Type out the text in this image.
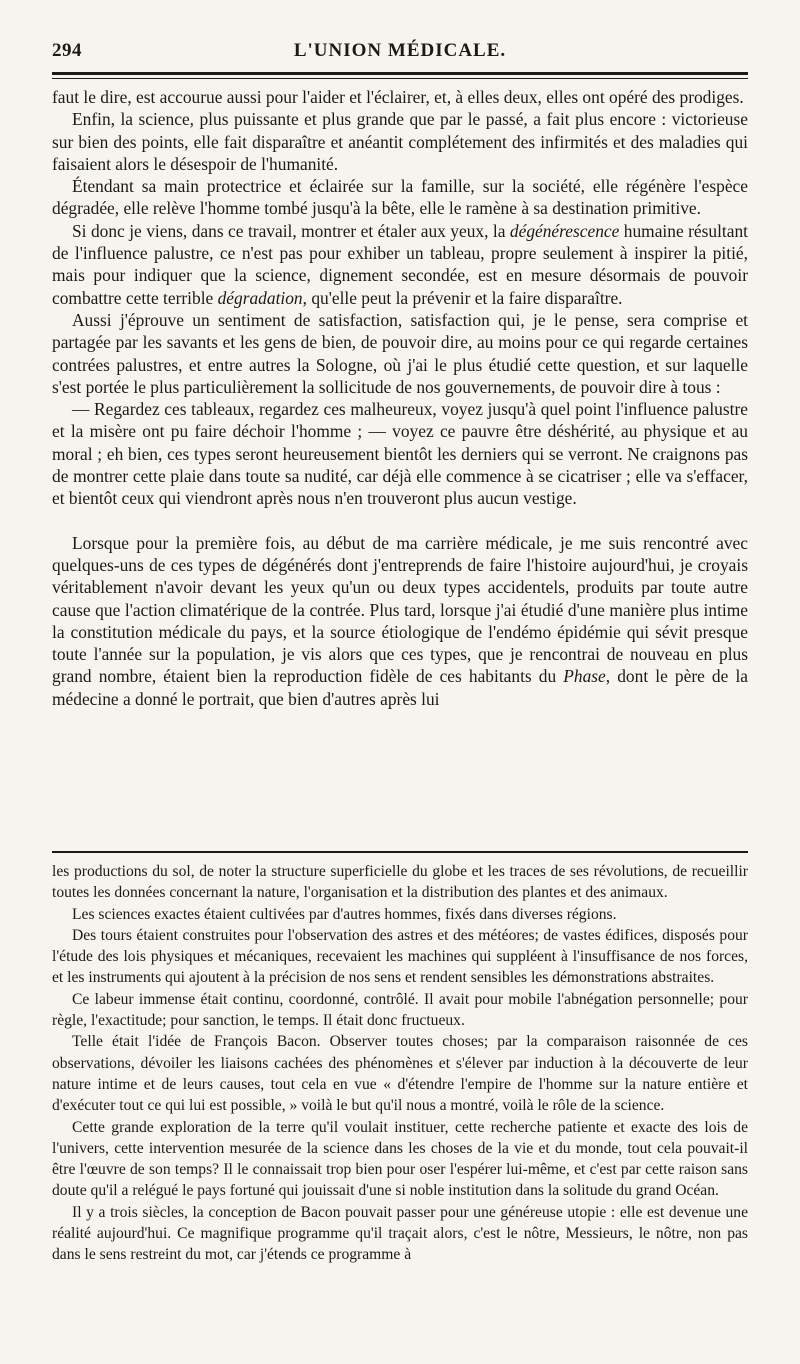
294	L'UNION MÉDICALE.

faut le dire, est accourue aussi pour l'aider et l'éclairer, et, à elles deux, elles ont opéré des prodiges.

Enfin, la science, plus puissante et plus grande que par le passé, a fait plus encore : victorieuse sur bien des points, elle fait disparaître et anéantit complétement des infirmités et des maladies qui faisaient alors le désespoir de l'humanité.

Étendant sa main protectrice et éclairée sur la famille, sur la société, elle régénère l'espèce dégradée, elle relève l'homme tombé jusqu'à la bête, elle le ramène à sa destination primitive.

Si donc je viens, dans ce travail, montrer et étaler aux yeux, la dégénérescence humaine résultant de l'influence palustre, ce n'est pas pour exhiber un tableau, propre seulement à inspirer la pitié, mais pour indiquer que la science, dignement secondée, est en mesure désormais de pouvoir combattre cette terrible dégradation, qu'elle peut la prévenir et la faire disparaître.

Aussi j'éprouve un sentiment de satisfaction, satisfaction qui, je le pense, sera comprise et partagée par les savants et les gens de bien, de pouvoir dire, au moins pour ce qui regarde certaines contrées palustres, et entre autres la Sologne, où j'ai le plus étudié cette question, et sur laquelle s'est portée le plus particulièrement la sollicitude de nos gouvernements, de pouvoir dire à tous :

— Regardez ces tableaux, regardez ces malheureux, voyez jusqu'à quel point l'influence palustre et la misère ont pu faire déchoir l'homme ; — voyez ce pauvre être déshérité, au physique et au moral ; eh bien, ces types seront heureusement bientôt les derniers qui se verront. Ne craignons pas de montrer cette plaie dans toute sa nudité, car déjà elle commence à se cicatriser ; elle va s'effacer, et bientôt ceux qui viendront après nous n'en trouveront plus aucun vestige.

Lorsque pour la première fois, au début de ma carrière médicale, je me suis rencontré avec quelques-uns de ces types de dégénérés dont j'entreprends de faire l'histoire aujourd'hui, je croyais véritablement n'avoir devant les yeux qu'un ou deux types accidentels, produits par toute autre cause que l'action climatérique de la contrée. Plus tard, lorsque j'ai étudié d'une manière plus intime la constitution médicale du pays, et la source étiologique de l'endémo épidémie qui sévit presque toute l'année sur la population, je vis alors que ces types, que je rencontrai de nouveau en plus grand nombre, étaient bien la reproduction fidèle de ces habitants du Phase, dont le père de la médecine a donné le portrait, que bien d'autres après lui

les productions du sol, de noter la structure superficielle du globe et les traces de ses révolutions, de recueillir toutes les données concernant la nature, l'organisation et la distribution des plantes et des animaux.

Les sciences exactes étaient cultivées par d'autres hommes, fixés dans diverses régions.

Des tours étaient construites pour l'observation des astres et des météores; de vastes édifices, disposés pour l'étude des lois physiques et mécaniques, recevaient les machines qui suppléent à l'insuffisance de nos forces, et les instruments qui ajoutent à la précision de nos sens et rendent sensibles les démonstrations abstraites.

Ce labeur immense était continu, coordonné, contrôlé. Il avait pour mobile l'abnégation personnelle; pour règle, l'exactitude; pour sanction, le temps. Il était donc fructueux.

Telle était l'idée de François Bacon. Observer toutes choses; par la comparaison raisonnée de ces observations, dévoiler les liaisons cachées des phénomènes et s'élever par induction à la découverte de leur nature intime et de leurs causes, tout cela en vue « d'étendre l'empire de l'homme sur la nature entière et d'exécuter tout ce qui lui est possible, » voilà le but qu'il nous a montré, voilà le rôle de la science.

Cette grande exploration de la terre qu'il voulait instituer, cette recherche patiente et exacte des lois de l'univers, cette intervention mesurée de la science dans les choses de la vie et du monde, tout cela pouvait-il être l'œuvre de son temps? Il le connaissait trop bien pour oser l'espérer lui-même, et c'est par cette raison sans doute qu'il a relégué le pays fortuné qui jouissait d'une si noble institution dans la solitude du grand Océan.

Il y a trois siècles, la conception de Bacon pouvait passer pour une généreuse utopie : elle est devenue une réalité aujourd'hui. Ce magnifique programme qu'il traçait alors, c'est le nôtre, Messieurs, le nôtre, non pas dans le sens restreint du mot, car j'étends ce programme à
